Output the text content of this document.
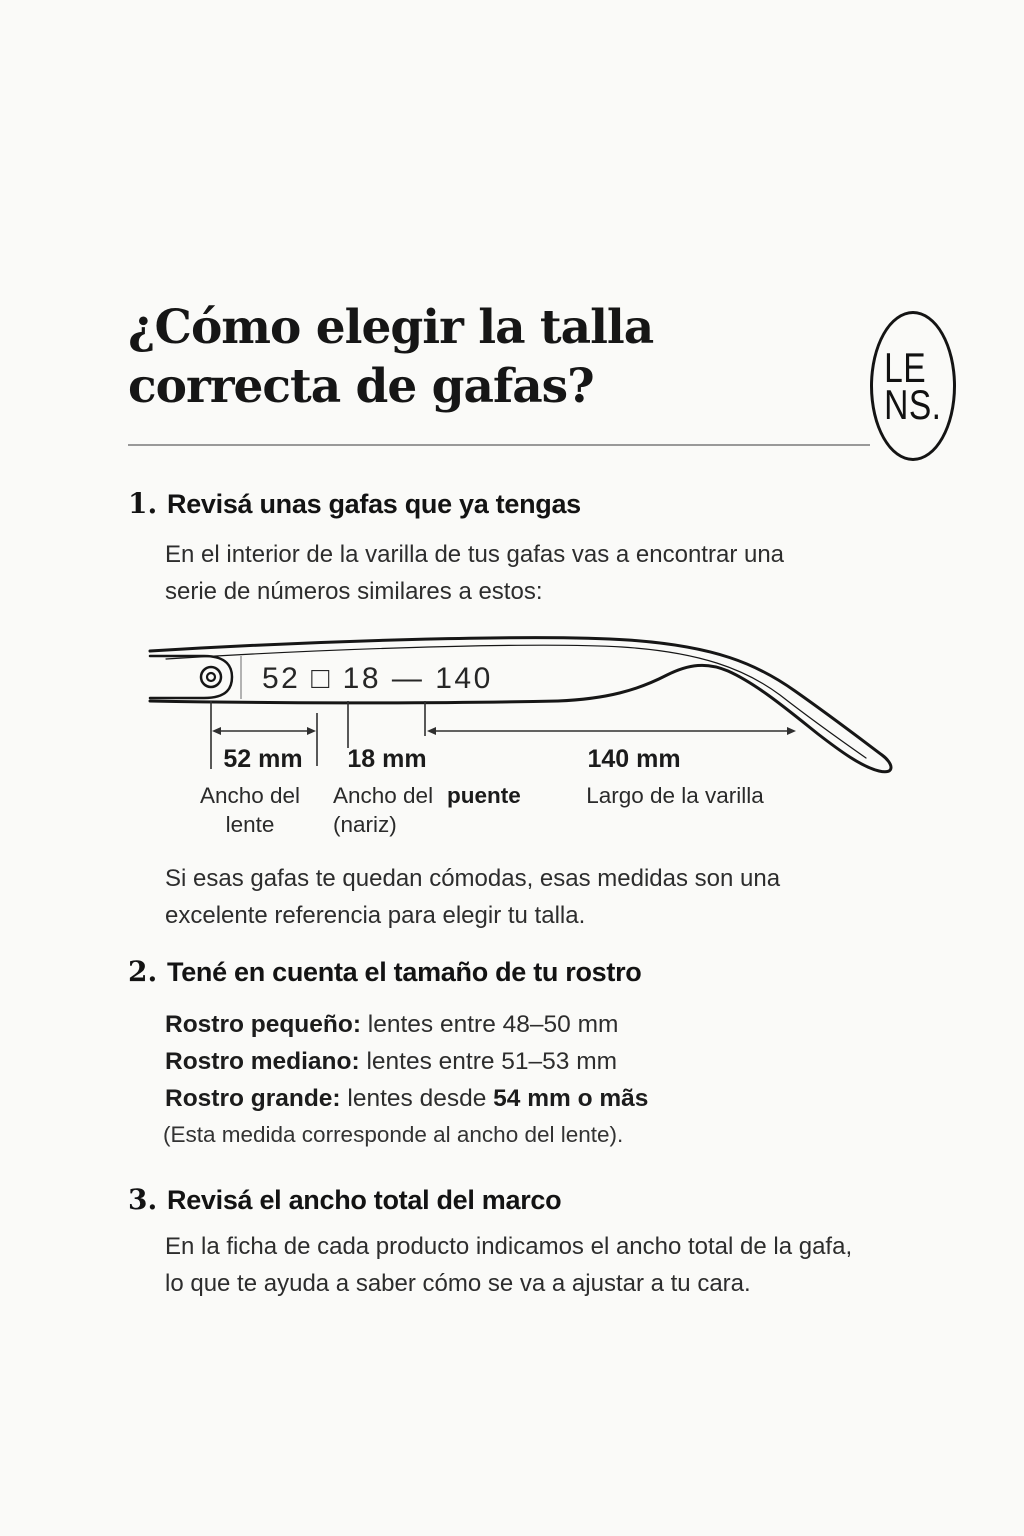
¿Cómo elegir la talla
correcta de gafas?	LE
NS.
1. Revisá unas gafas que ya tengas
En el interior de la varilla de tus gafas vas a encontrar una
serie de números similares a estos:
52 □ 18 — 140
52 mm 18 mm	140 mm
Ancho del
lente
Ancho del puente
(nariz)
Largo de la varilla
Si esas gafas te quedan cómodas, esas medidas son una
excelente referencia para elegir tu talla.
2. Tené en cuenta el tamaño de tu rostro
Rostro pequeño: lentes entre 48–50 mm
Rostro mediano: lentes entre 51–53 mm
Rostro grande: lentes desde 54 mm o mãs
(Esta medida corresponde al ancho del lente).
3. Revisá el ancho total del marco
En la ficha de cada producto indicamos el ancho total de la gafa,
lo que te ayuda a saber cómo se va a ajustar a tu cara.
